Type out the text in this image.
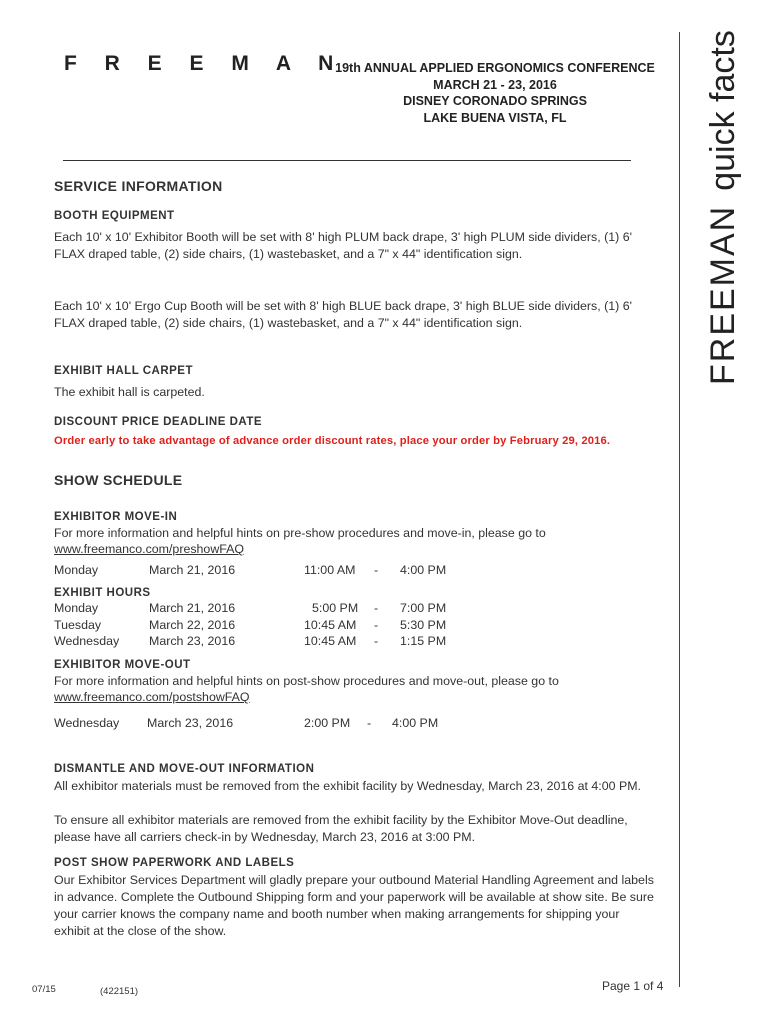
F R E E M A N
19th ANNUAL APPLIED ERGONOMICS CONFERENCE
MARCH 21 - 23, 2016
DISNEY CORONADO SPRINGS
LAKE BUENA VISTA, FL
FREEMANquick facts
SERVICE INFORMATION
BOOTH EQUIPMENT
Each 10' x 10' Exhibitor Booth will be set with 8' high PLUM back drape, 3' high PLUM side dividers, (1) 6' FLAX draped table, (2) side chairs, (1) wastebasket, and a 7" x 44" identification sign.
Each 10' x 10' Ergo Cup Booth will be set with 8' high BLUE back drape, 3' high BLUE side dividers, (1) 6' FLAX draped table, (2) side chairs, (1) wastebasket, and a 7" x 44" identification sign.
EXHIBIT HALL CARPET
The exhibit hall is carpeted.
DISCOUNT PRICE DEADLINE DATE
Order early to take advantage of advance order discount rates, place your order by February 29, 2016.
SHOW SCHEDULE
EXHIBITOR MOVE-IN
For more information and helpful hints on pre-show procedures and move-in, please go to
www.freemanco.com/preshowFAQ
Monday	March 21, 2016	11:00 AM - 4:00 PM
EXHIBIT HOURS
Monday	March 21, 2016	5:00 PM - 7:00 PM
Tuesday	March 22, 2016	10:45 AM - 5:30 PM
Wednesday March 23, 2016	10:45 AM - 1:15 PM
EXHIBITOR MOVE-OUT
For more information and helpful hints on post-show procedures and move-out, please go to
www.freemanco.com/postshowFAQ
Wednesday March 23, 2016	2:00 PM - 4:00 PM
DISMANTLE AND MOVE-OUT INFORMATION
All exhibitor materials must be removed from the exhibit facility by Wednesday, March 23, 2016 at 4:00 PM.
To ensure all exhibitor materials are removed from the exhibit facility by the Exhibitor Move-Out deadline, please have all carriers check-in by Wednesday, March 23, 2016 at 3:00 PM.
POST SHOW PAPERWORK AND LABELS
Our Exhibitor Services Department will gladly prepare your outbound Material Handling Agreement and labels in advance. Complete the Outbound Shipping form and your paperwork will be available at show site. Be sure your carrier knows the company name and booth number when making arrangements for shipping your exhibit at the close of the show.
07/15	(422151)	Page 1 of 4
